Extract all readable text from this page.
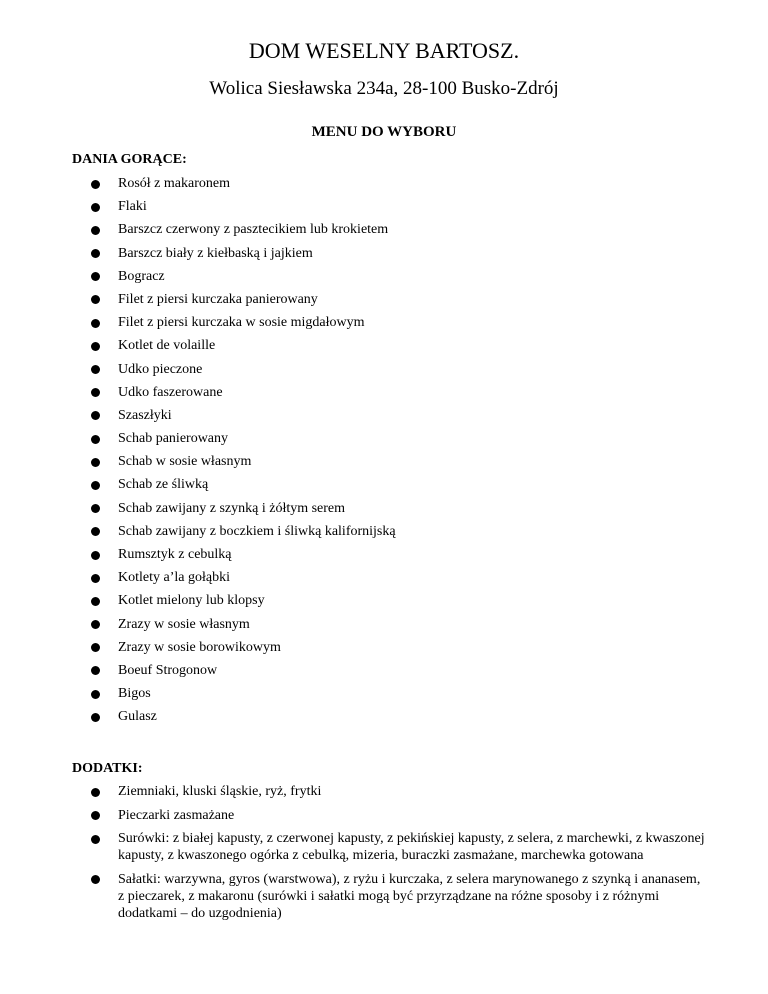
DOM WESELNY BARTOSZ.

Wolica Siesławska 234a, 28-100 Busko-Zdrój

MENU DO WYBORU

DANIA GORĄCE:

Rosół z makaronem
Flaki
Barszcz czerwony z pasztecikiem lub krokietem
Barszcz biały z kiełbaską i jajkiem
Bogracz
Filet z piersi kurczaka panierowany
Filet z piersi kurczaka w sosie migdałowym
Kotlet de volaille
Udko pieczone
Udko faszerowane
Szaszłyki
Schab panierowany
Schab w sosie własnym
Schab ze śliwką
Schab zawijany z szynką i żółtym serem
Schab zawijany z boczkiem i śliwką kalifornijską
Rumsztyk z cebulką
Kotlety a’la gołąbki
Kotlet mielony lub klopsy
Zrazy w sosie własnym
Zrazy w sosie borowikowym
Boeuf Strogonow
Bigos
Gulasz

DODATKI:

Ziemniaki, kluski śląskie, ryż, frytki
Pieczarki zasmażane
Surówki: z białej kapusty, z czerwonej kapusty, z pekińskiej kapusty, z selera, z marchewki, z kwaszonej kapusty, z kwaszonego ogórka z cebulką, mizeria, buraczki zasmażane, marchewka gotowana
Sałatki: warzywna, gyros (warstwowa), z ryżu i kurczaka, z selera marynowanego z szynką i ananasem, z pieczarek, z makaronu (surówki i sałatki mogą być przyrządzane na różne sposoby i z różnymi dodatkami – do uzgodnienia)
